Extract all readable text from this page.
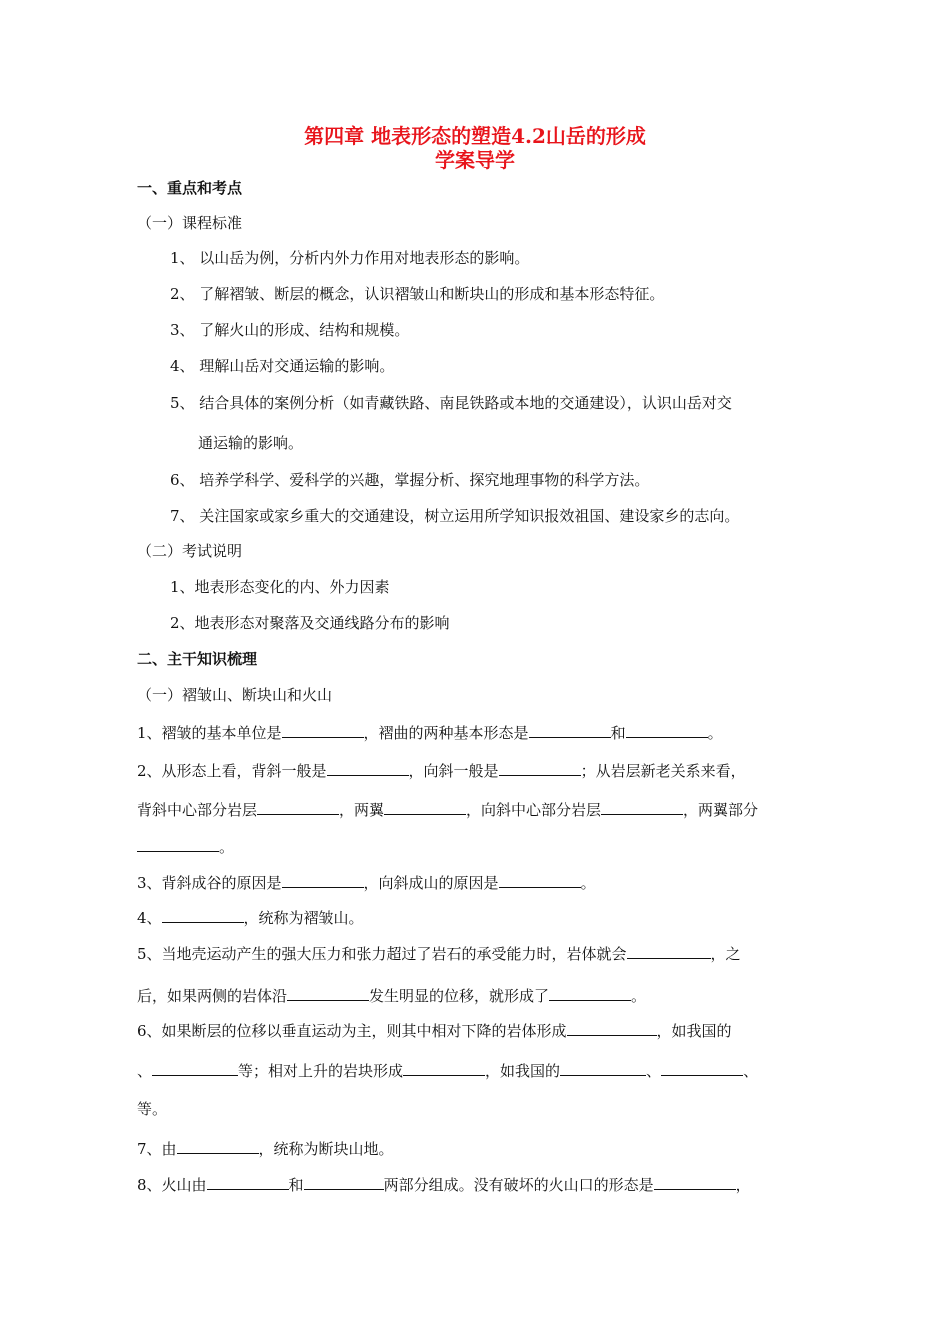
第四章 地表形态的塑造4.2山岳的形成
学案导学
一、重点和考点
（一）课程标准
1、 以山岳为例，分析内外力作用对地表形态的影响。
2、 了解褶皱、断层的概念，认识褶皱山和断块山的形成和基本形态特征。
3、 了解火山的形成、结构和规模。
4、 理解山岳对交通运输的影响。
5、 结合具体的案例分析（如青藏铁路、南昆铁路或本地的交通建设），认识山岳对交
通运输的影响。
6、 培养学科学、爱科学的兴趣，掌握分析、探究地理事物的科学方法。
7、 关注国家或家乡重大的交通建设，树立运用所学知识报效祖国、建设家乡的志向。
（二）考试说明
1、地表形态变化的内、外力因素
2、地表形态对聚落及交通线路分布的影响
二、主干知识梳理
（一）褶皱山、断块山和火山
1、褶皱的基本单位是	，褶曲的两种基本形态是	和	。
2、从形态上看，背斜一般是	，向斜一般是	；从岩层新老关系来看，
背斜中心部分岩层	，两翼	，向斜中心部分岩层	，两翼部分
。
3、背斜成谷的原因是	，向斜成山的原因是	。
4、	，统称为褶皱山。
5、当地壳运动产生的强大压力和张力超过了岩石的承受能力时，岩体就会	，之
后，如果两侧的岩体沿	发生明显的位移，就形成了	。
6、如果断层的位移以垂直运动为主，则其中相对下降的岩体形成	，如我国的
、	等；相对上升的岩块形成	，如我国的	、	、
等。
7、由	，统称为断块山地。
8、火山由	和	两部分组成。没有破坏的火山口的形态是	，
